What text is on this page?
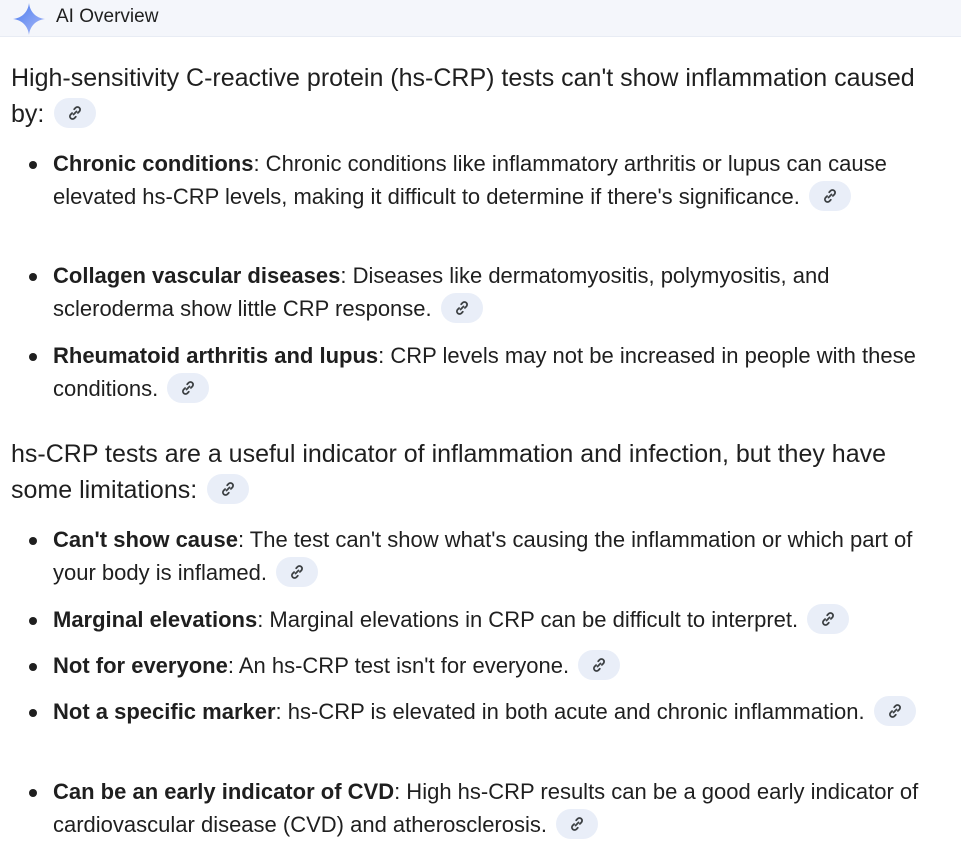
AI Overview
High-sensitivity C-reactive protein (hs-CRP) tests can't show inflammation caused by:
Chronic conditions: Chronic conditions like inflammatory arthritis or lupus can cause elevated hs-CRP levels, making it difficult to determine if there's significance.
Collagen vascular diseases: Diseases like dermatomyositis, polymyositis, and scleroderma show little CRP response.
Rheumatoid arthritis and lupus: CRP levels may not be increased in people with these conditions.
hs-CRP tests are a useful indicator of inflammation and infection, but they have some limitations:
Can't show cause: The test can't show what's causing the inflammation or which part of your body is inflamed.
Marginal elevations: Marginal elevations in CRP can be difficult to interpret.
Not for everyone: An hs-CRP test isn't for everyone.
Not a specific marker: hs-CRP is elevated in both acute and chronic inflammation.
Can be an early indicator of CVD: High hs-CRP results can be a good early indicator of cardiovascular disease (CVD) and atherosclerosis.
